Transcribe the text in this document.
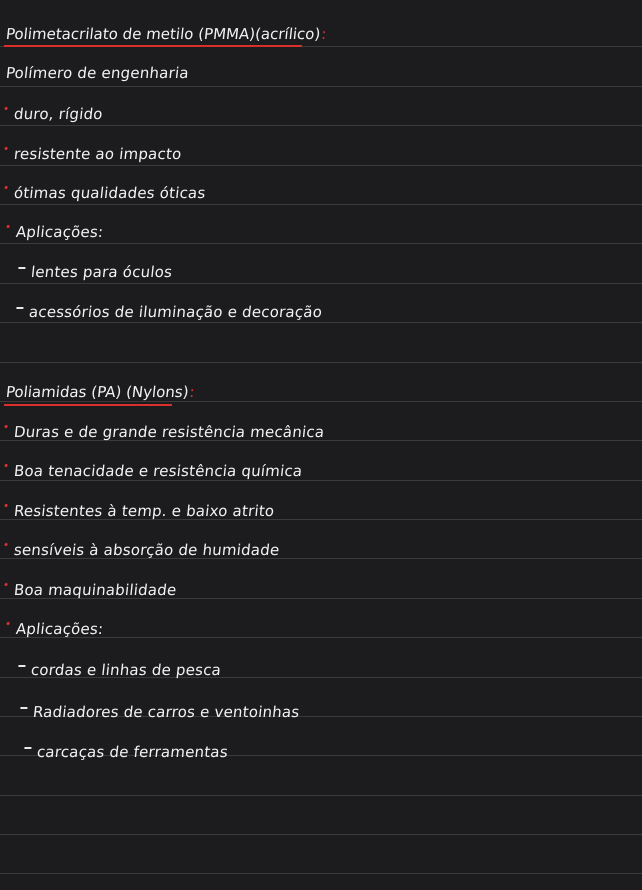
Polimetacrilato de metilo (PMMA)(acrílico) :
Polímero de engenharia
duro, rígido
resistente ao impacto
ótimas qualidades óticas
Aplicações:
lentes para óculos
acessórios de iluminação e decoração
Poliamidas (PA) (Nylons) :
Duras e de grande resistência mecânica
Boa tenacidade e resistência química
Resistentes à temp. e baixo atrito
sensíveis à absorção de humidade
Boa maquinabilidade
Aplicações:
cordas e linhas de pesca
Radiadores de carros e ventoinhas
carcaças de ferramentas
